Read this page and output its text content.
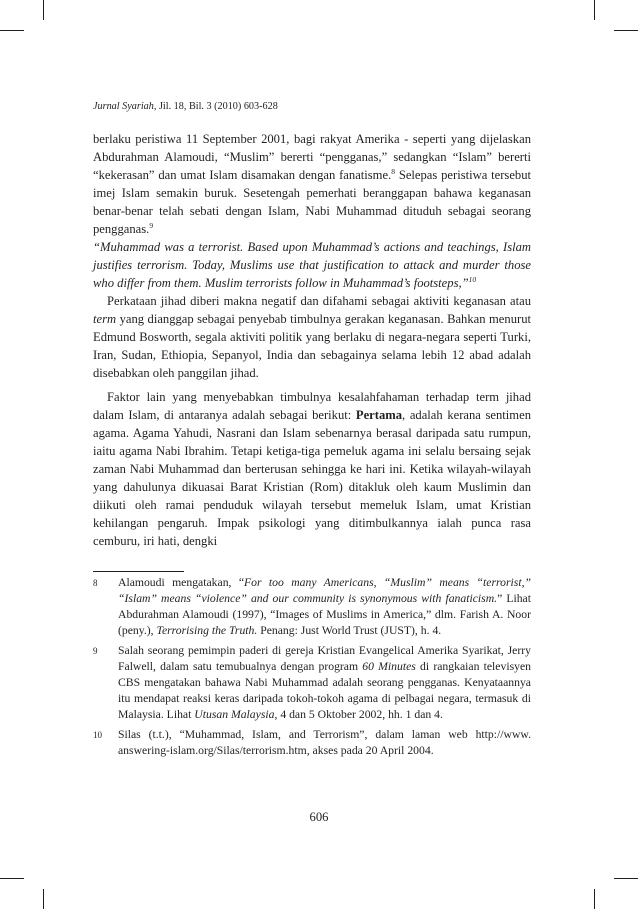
Jurnal Syariah, Jil. 18, Bil. 3 (2010) 603-628

berlaku peristiwa 11 September 2001, bagi rakyat Amerika - seperti yang dijelaskan Abdurahman Alamoudi, “Muslim” bererti “pengganas,” sedangkan “Islam” bererti “kekerasan” dan umat Islam disamakan dengan fanatisme.$^8$ Selepas peristiwa tersebut imej Islam semakin buruk. Sesetengah pemerhati beranggapan bahawa keganasan benar-benar telah sebati dengan Islam, Nabi Muhammad dituduh sebagai seorang pengganas.$^9$

“Muhammad was a terrorist. Based upon Muhammad’s actions and teachings, Islam justifies terrorism. Today, Muslims use that justification to attack and murder those who differ from them. Muslim terrorists follow in Muhammad’s footsteps,”$^{10}$

Perkataan jihad diberi makna negatif dan difahami sebagai aktiviti keganasan atau term yang dianggap sebagai penyebab timbulnya gerakan keganasan. Bahkan menurut Edmund Bosworth, segala aktiviti politik yang berlaku di negara-negara seperti Turki, Iran, Sudan, Ethiopia, Sepanyol, India dan sebagainya selama lebih 12 abad adalah disebabkan oleh panggilan jihad.

Faktor lain yang menyebabkan timbulnya kesalahfahaman terhadap term jihad dalam Islam, di antaranya adalah sebagai berikut: Pertama, adalah kerana sentimen agama. Agama Yahudi, Nasrani dan Islam sebenarnya berasal daripada satu rumpun, iaitu agama Nabi Ibrahim. Tetapi ketiga-tiga pemeluk agama ini selalu bersaing sejak zaman Nabi Muhammad dan berterusan sehingga ke hari ini. Ketika wilayah-wilayah yang dahulunya dikuasai Barat Kristian (Rom) ditakluk oleh kaum Muslimin dan diikuti oleh ramai penduduk wilayah tersebut memeluk Islam, umat Kristian kehilangan pengaruh. Impak psikologi yang ditimbulkannya ialah punca rasa cemburu, iri hati, dengki

8 Alamoudi mengatakan, “For too many Americans, “Muslim” means “terrorist,” “Islam” means “violence” and our community is synonymous with fanaticism.” Lihat Abdurahman Alamoudi (1997), “Images of Muslims in America,” dlm. Farish A. Noor (peny.), Terrorising the Truth. Penang: Just World Trust (JUST), h. 4.
9 Salah seorang pemimpin paderi di gereja Kristian Evangelical Amerika Syarikat, Jerry Falwell, dalam satu temubualnya dengan program 60 Minutes di rangkaian televisyen CBS mengatakan bahawa Nabi Muhammad adalah seorang pengganas. Kenyataannya itu mendapat reaksi keras daripada tokoh-tokoh agama di pelbagai negara, termasuk di Malaysia. Lihat Utusan Malaysia, 4 dan 5 Oktober 2002, hh. 1 dan 4.
10 Silas (t.t.), “Muhammad, Islam, and Terrorism”, dalam laman web http://www. answering-islam.org/Silas/terrorism.htm, akses pada 20 April 2004.
606
